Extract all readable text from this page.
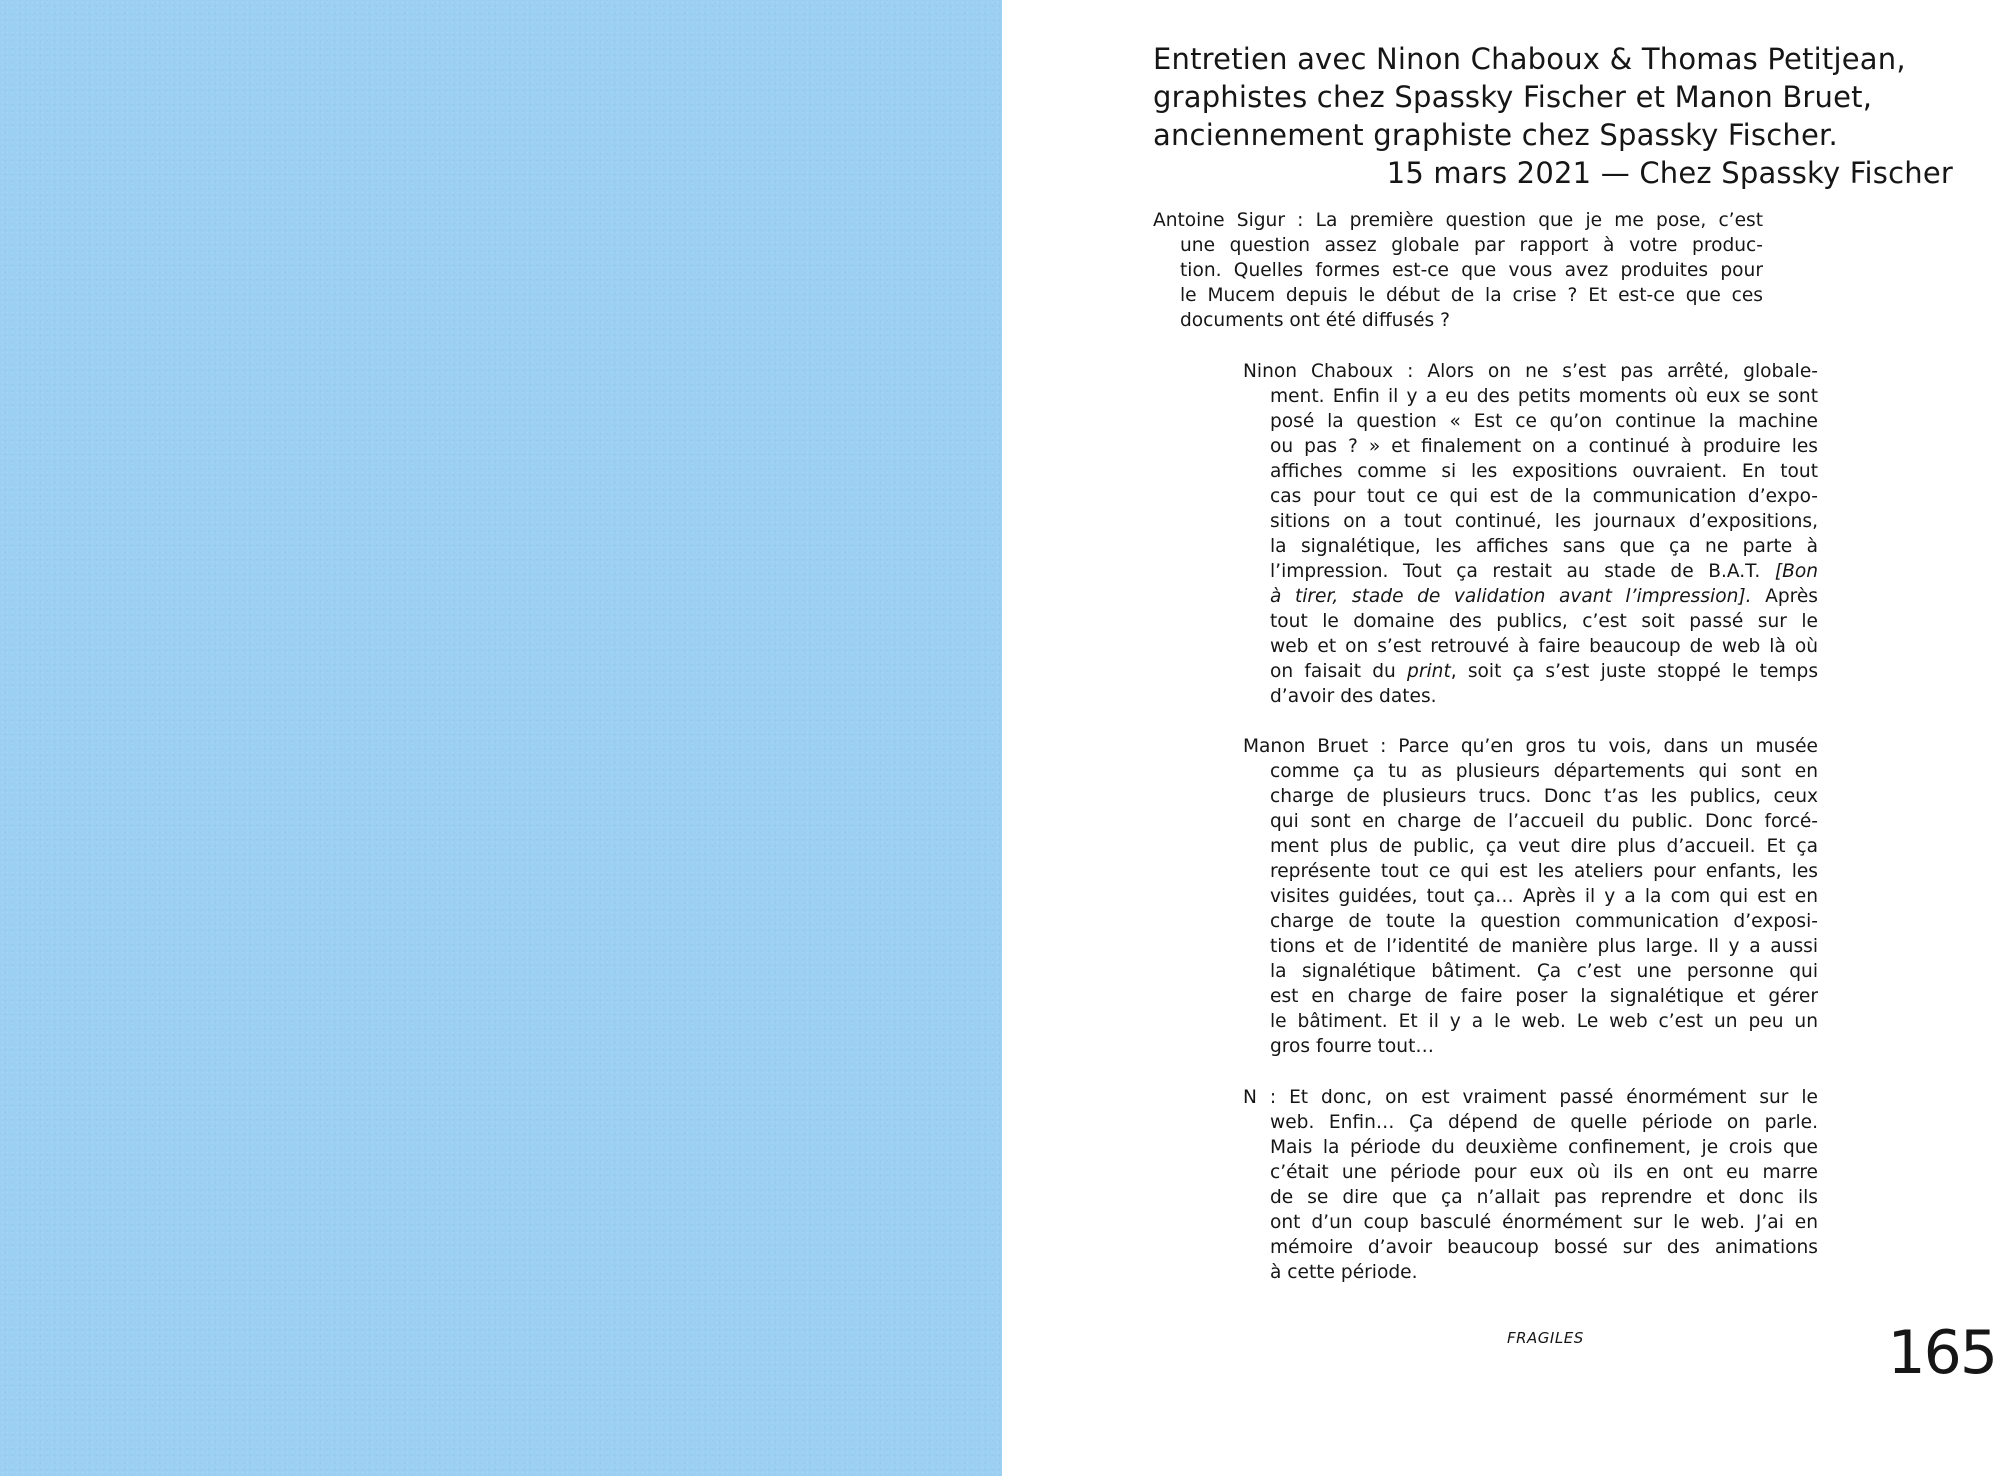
Entretien avec Ninon Chaboux & Thomas Petitjean,
graphistes chez Spassky Fischer et Manon Bruet,
anciennement graphiste chez Spassky Fischer.
15 mars 2021 — Chez Spassky Fischer
Antoine Sigur : La première question que je me pose, c’est
une question assez globale par rapport à votre produc-
tion. Quelles formes est-ce que vous avez produites pour
le Mucem depuis le début de la crise ? Et est-ce que ces
documents ont été diffusés ?
Ninon Chaboux : Alors on ne s’est pas arrêté, globale-
ment. Enfin il y a eu des petits moments où eux se sont
posé la question « Est ce qu’on continue la machine
ou pas ? » et finalement on a continué à produire les
affiches comme si les expositions ouvraient. En tout
cas pour tout ce qui est de la communication d’expo-
sitions on a tout continué, les journaux d’expositions,
la signalétique, les affiches sans que ça ne parte à
l’impression. Tout ça restait au stade de B.A.T. [Bon
à tirer, stade de validation avant l’impression]. Après
tout le domaine des publics, c’est soit passé sur le
web et on s’est retrouvé à faire beaucoup de web là où
on faisait du print, soit ça s’est juste stoppé le temps
d’avoir des dates.
Manon Bruet : Parce qu’en gros tu vois, dans un musée
comme ça tu as plusieurs départements qui sont en
charge de plusieurs trucs. Donc t’as les publics, ceux
qui sont en charge de l’accueil du public. Donc forcé-
ment plus de public, ça veut dire plus d’accueil. Et ça
représente tout ce qui est les ateliers pour enfants, les
visites guidées, tout ça… Après il y a la com qui est en
charge de toute la question communication d’exposi-
tions et de l’identité de manière plus large. Il y a aussi
la signalétique bâtiment. Ça c’est une personne qui
est en charge de faire poser la signalétique et gérer
le bâtiment. Et il y a le web. Le web c’est un peu un
gros fourre tout…
N : Et donc, on est vraiment passé énormément sur le
web. Enfin… Ça dépend de quelle période on parle.
Mais la période du deuxième confinement, je crois que
c’était une période pour eux où ils en ont eu marre
de se dire que ça n’allait pas reprendre et donc ils
ont d’un coup basculé énormément sur le web. J’ai en
mémoire d’avoir beaucoup bossé sur des animations
à cette période.
FRAGILES	165
